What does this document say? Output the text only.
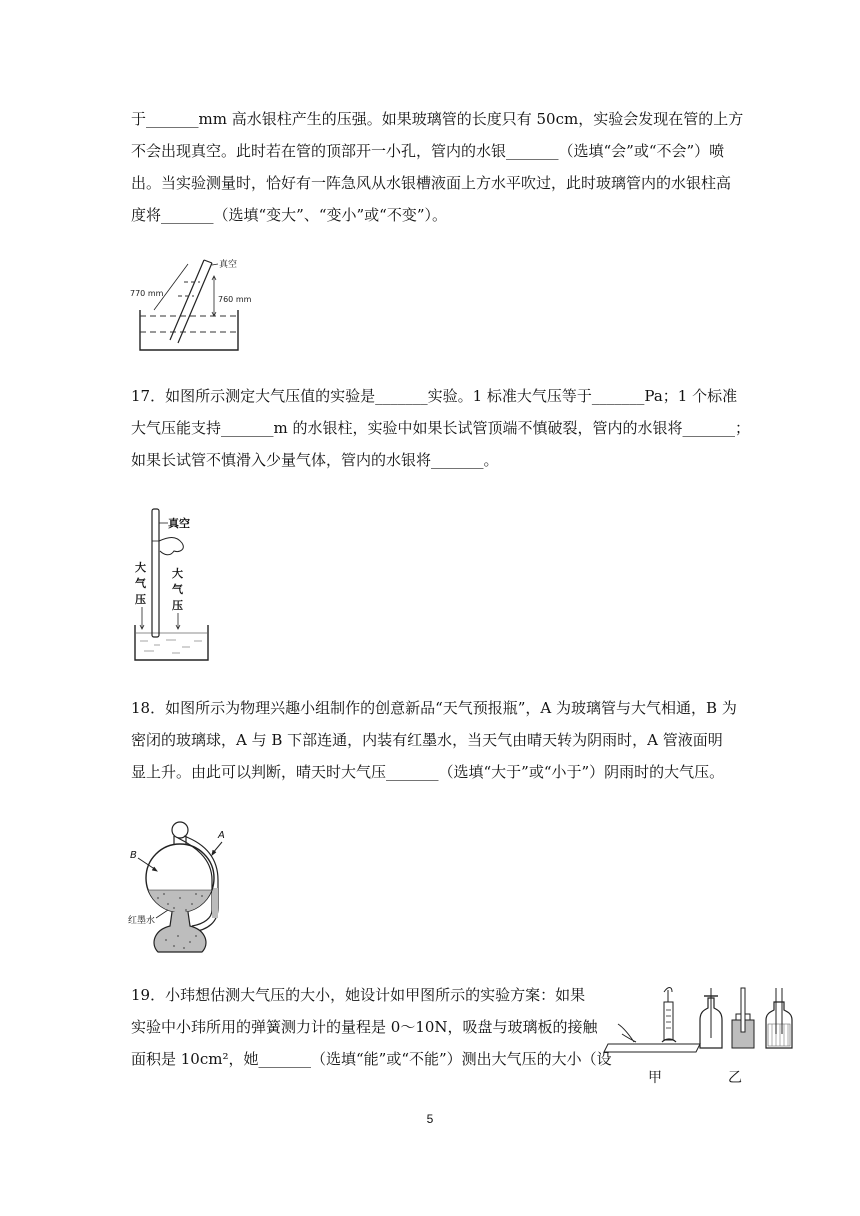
于_______mm 高水银柱产生的压强。如果玻璃管的长度只有 50cm，实验会发现在管的上方

不会出现真空。此时若在管的顶部开一小孔，管内的水银_______（选填“会”或“不会”）喷

出。当实验测量时，恰好有一阵急风从水银槽液面上方水平吹过，此时玻璃管内的水银柱高

度将_______（选填“变大”、“变小”或“不变”）。

真空
770 mm
760 mm

17．如图所示测定大气压值的实验是_______实验。1 标准大气压等于_______Pa；1 个标准

大气压能支持_______m 的水银柱，实验中如果长试管顶端不慎破裂，管内的水银将_______；

如果长试管不慎滑入少量气体，管内的水银将_______。

真空
大 气 压
大 气 压

18．如图所示为物理兴趣小组制作的创意新品“天气预报瓶”，A 为玻璃管与大气相通，B 为

密闭的玻璃球，A 与 B 下部连通，内装有红墨水，当天气由晴天转为阴雨时，A 管液面明

显上升。由此可以判断，晴天时大气压_______（选填“大于”或“小于”）阴雨时的大气压。

A
B
红墨水

19．小玮想估测大气压的大小，她设计如甲图所示的实验方案：如果

实验中小玮所用的弹簧测力计的量程是 0～10N，吸盘与玻璃板的接触

面积是 10cm²，她_______（选填“能”或“不能”）测出大气压的大小（设

甲	乙
5
